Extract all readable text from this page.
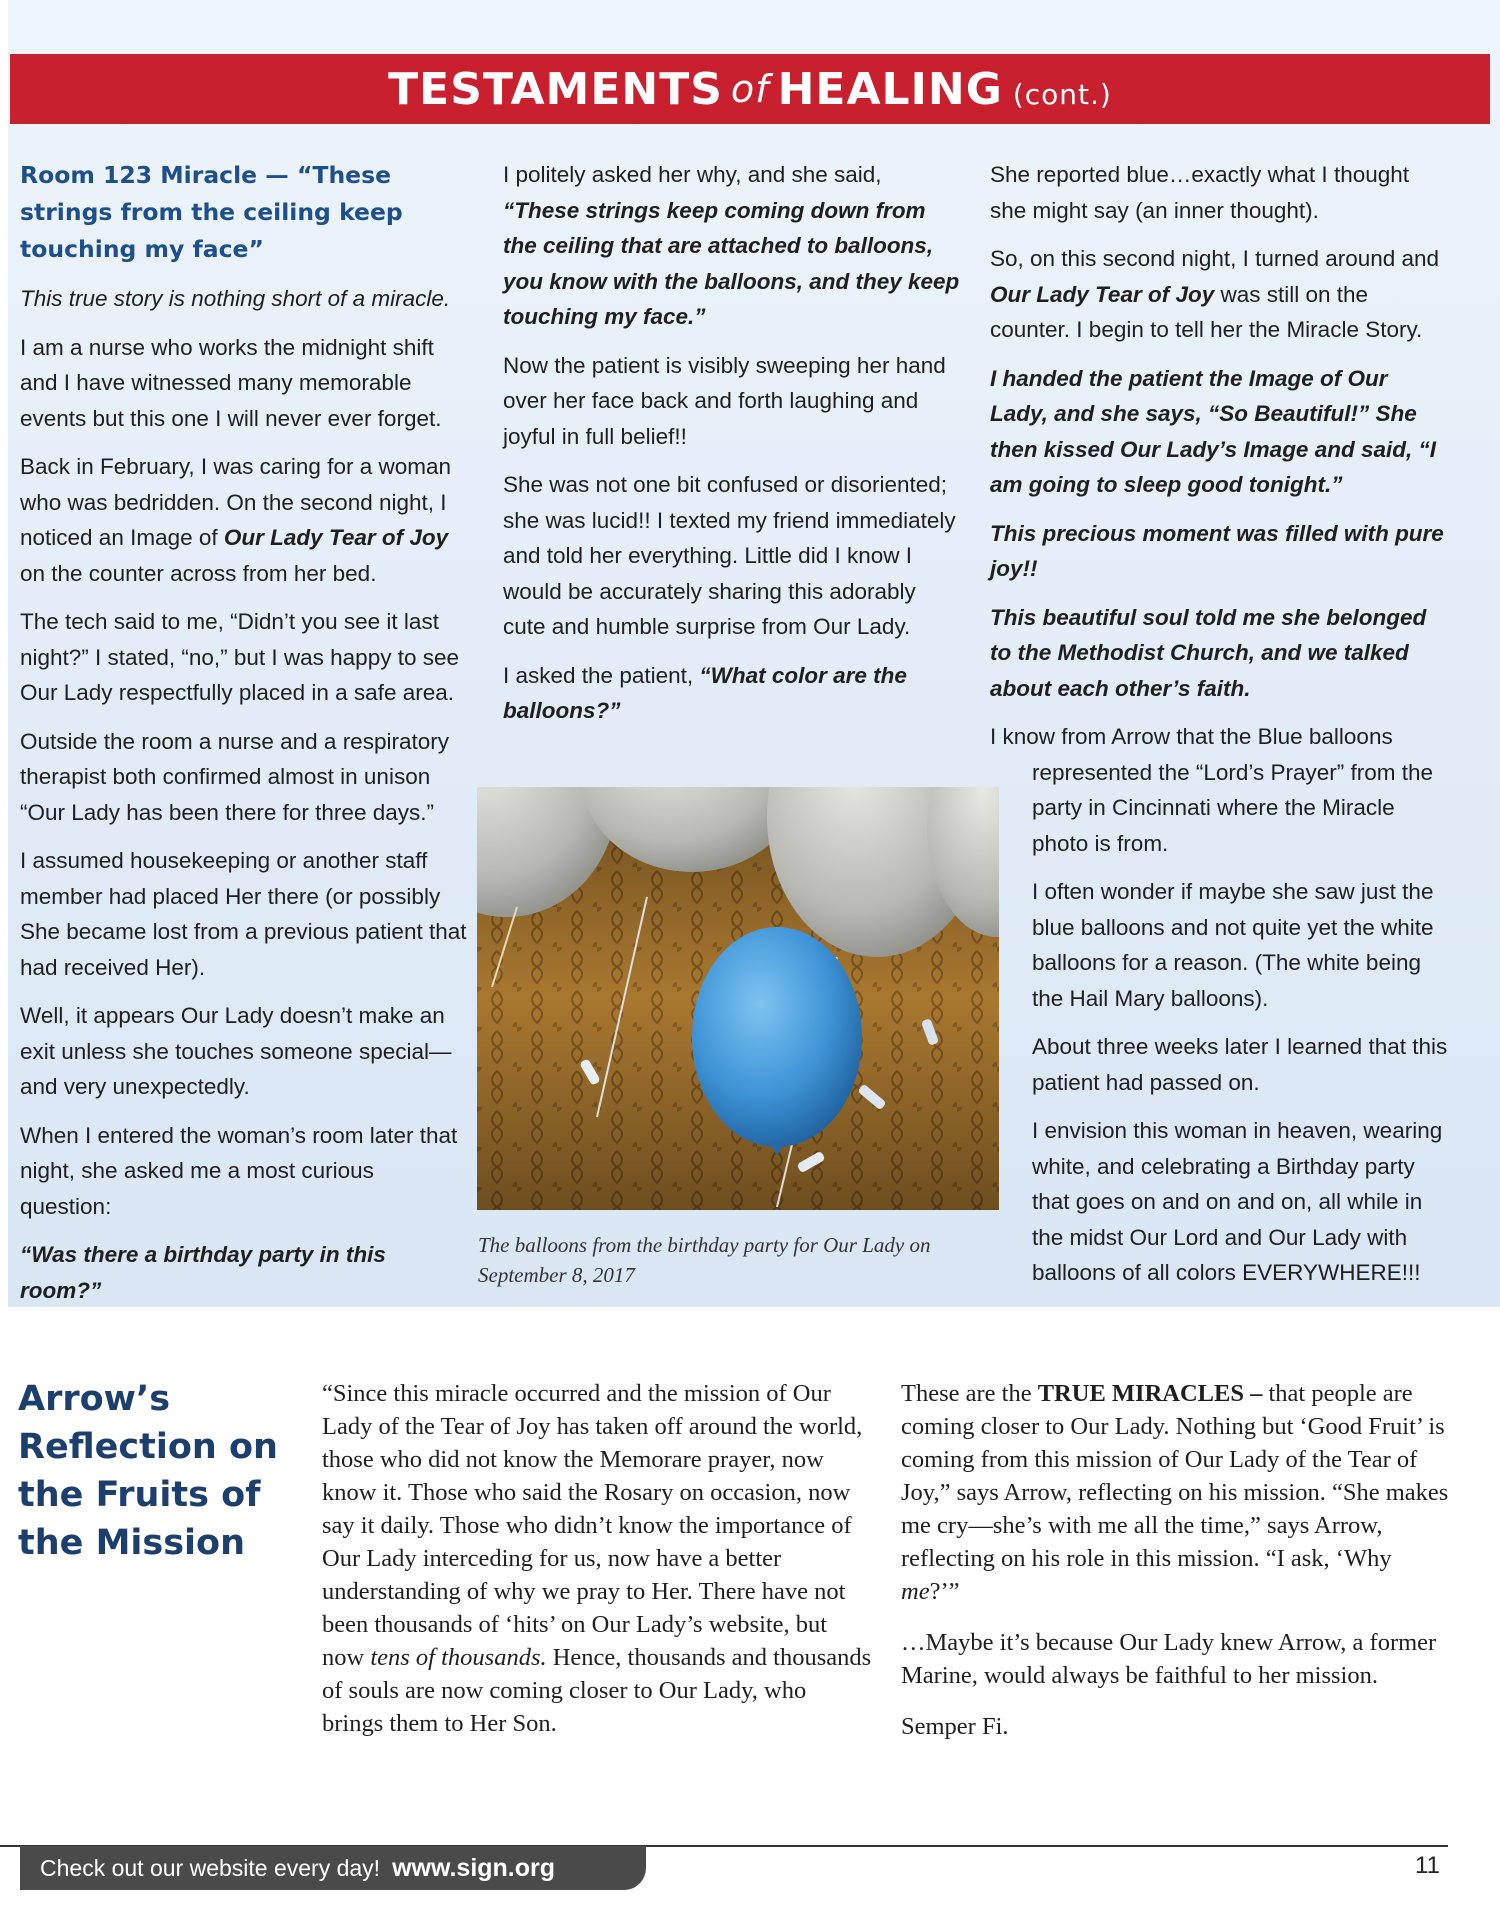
TESTAMENTS of HEALING (cont.)

Room 123 Miracle — “These strings from the ceiling keep touching my face”

This true story is nothing short of a miracle.

I am a nurse who works the midnight shift and I have witnessed many memorable events but this one I will never ever forget.

Back in February, I was caring for a woman who was bedridden. On the second night, I noticed an Image of Our Lady Tear of Joy on the counter across from her bed.

The tech said to me, “Didn’t you see it last night?” I stated, “no,” but I was happy to see Our Lady respectfully placed in a safe area.

Outside the room a nurse and a respiratory therapist both confirmed almost in unison “Our Lady has been there for three days.”

I assumed housekeeping or another staff member had placed Her there (or possibly She became lost from a previous patient that had received Her).

Well, it appears Our Lady doesn’t make an exit unless she touches someone special—and very unexpectedly.

When I entered the woman’s room later that night, she asked me a most curious question:

“Was there a birthday party in this room?”

I politely asked her why, and she said, “These strings keep coming down from the ceiling that are attached to balloons, you know with the balloons, and they keep touching my face.”

Now the patient is visibly sweeping her hand over her face back and forth laughing and joyful in full belief!!

She was not one bit confused or disoriented; she was lucid!! I texted my friend immediately and told her everything. Little did I know I would be accurately sharing this adorably cute and humble surprise from Our Lady.

I asked the patient, “What color are the balloons?”

The balloons from the birthday party for Our Lady on September 8, 2017

She reported blue…exactly what I thought she might say (an inner thought).

So, on this second night, I turned around and Our Lady Tear of Joy was still on the counter. I begin to tell her the Miracle Story.

I handed the patient the Image of Our Lady, and she says, “So Beautiful!” She then kissed Our Lady’s Image and said, “I am going to sleep good tonight.”

This precious moment was filled with pure joy!!

This beautiful soul told me she belonged to the Methodist Church, and we talked about each other’s faith.

I know from Arrow that the Blue balloons represented the “Lord’s Prayer” from the party in Cincinnati where the Miracle photo is from.

I often wonder if maybe she saw just the blue balloons and not quite yet the white balloons for a reason. (The white being the Hail Mary balloons).

About three weeks later I learned that this patient had passed on.

I envision this woman in heaven, wearing white, and celebrating a Birthday party that goes on and on and on, all while in the midst Our Lord and Our Lady with balloons of all colors EVERYWHERE!!!

Arrow’s Reflection on the Fruits of the Mission

“Since this miracle occurred and the mission of Our Lady of the Tear of Joy has taken off around the world, those who did not know the Memorare prayer, now know it. Those who said the Rosary on occasion, now say it daily. Those who didn’t know the importance of Our Lady interceding for us, now have a better understanding of why we pray to Her. There have not been thousands of ‘hits’ on Our Lady’s website, but now tens of thousands. Hence, thousands and thousands of souls are now coming closer to Our Lady, who brings them to Her Son.

These are the TRUE MIRACLES – that people are coming closer to Our Lady. Nothing but ‘Good Fruit’ is coming from this mission of Our Lady of the Tear of Joy,” says Arrow, reflecting on his mission. “She makes me cry—she’s with me all the time,” says Arrow, reflecting on his role in this mission. “I ask, ‘Why me?’”

…Maybe it’s because Our Lady knew Arrow, a former Marine, would always be faithful to her mission.

Semper Fi.

Check out our website every day! www.sign.org	11
